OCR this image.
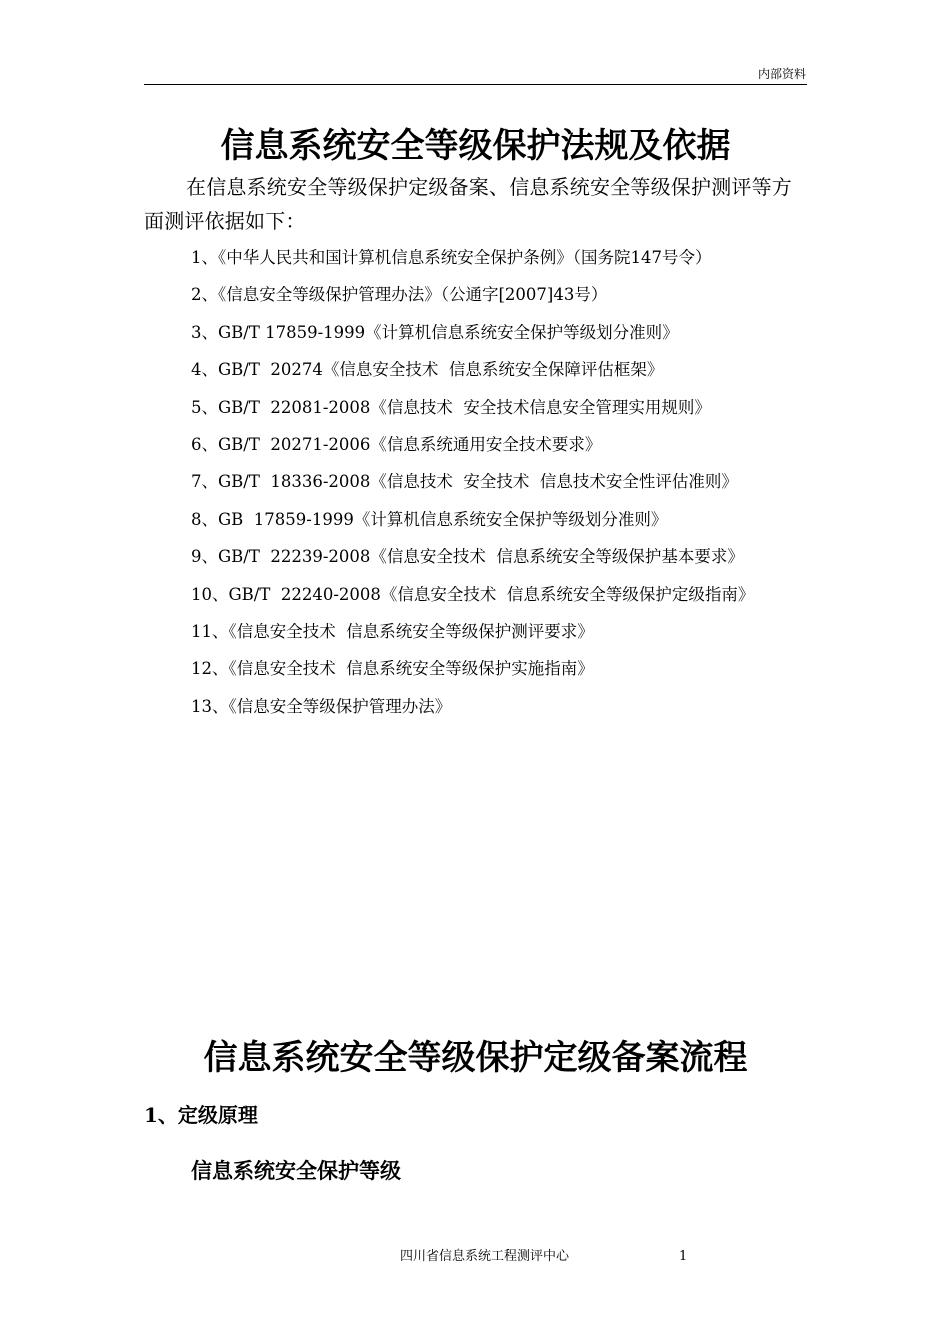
内部资料
信息系统安全等级保护法规及依据

在信息系统安全等级保护定级备案、信息系统安全等级保护测评等方面测评依据如下：

1、《中华人民共和国计算机信息系统安全保护条例》（国务院147号令）
2、《信息安全等级保护管理办法》（公通字[2007]43号）
3、GB/T 17859-1999《计算机信息系统安全保护等级划分准则》
4、GB/T  20274《信息安全技术  信息系统安全保障评估框架》
5、GB/T  22081-2008《信息技术  安全技术信息安全管理实用规则》
6、GB/T  20271-2006《信息系统通用安全技术要求》
7、GB/T  18336-2008《信息技术  安全技术  信息技术安全性评估准则》
8、GB  17859-1999《计算机信息系统安全保护等级划分准则》
9、GB/T  22239-2008《信息安全技术  信息系统安全等级保护基本要求》
10、GB/T  22240-2008《信息安全技术  信息系统安全等级保护定级指南》
11、《信息安全技术  信息系统安全等级保护测评要求》
12、《信息安全技术  信息系统安全等级保护实施指南》
13、《信息安全等级保护管理办法》
信息系统安全等级保护定级备案流程
1、定级原理
信息系统安全保护等级
四川省信息系统工程测评中心	1
